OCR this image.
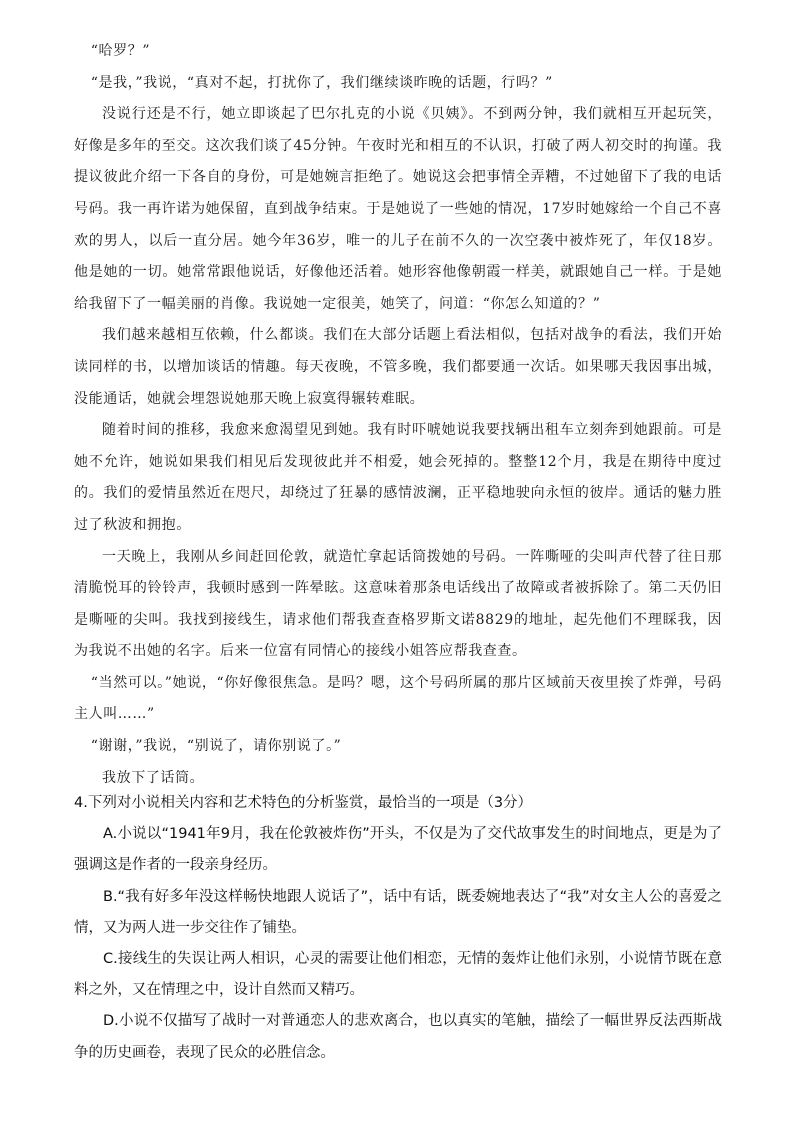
“哈罗？”

“是我，”我说，“真对不起，打扰你了，我们继续谈昨晚的话题，行吗？”

没说行还是不行，她立即谈起了巴尔扎克的小说《贝姨》。不到两分钟，我们就相互开起玩笑，好像是多年的至交。这次我们谈了45分钟。午夜时光和相互的不认识，打破了两人初交时的拘谨。我提议彼此介绍一下各自的身份，可是她婉言拒绝了。她说这会把事情全弄糟，不过她留下了我的电话号码。我一再许诺为她保留，直到战争结束。于是她说了一些她的情况，17岁时她嫁给一个自己不喜欢的男人，以后一直分居。她今年36岁，唯一的儿子在前不久的一次空袭中被炸死了，年仅18岁。他是她的一切。她常常跟他说话，好像他还活着。她形容他像朝霞一样美，就跟她自己一样。于是她给我留下了一幅美丽的肖像。我说她一定很美，她笑了，问道：“你怎么知道的？”

我们越来越相互依赖，什么都谈。我们在大部分话题上看法相似，包括对战争的看法，我们开始读同样的书，以增加谈话的情趣。每天夜晚，不管多晚，我们都要通一次话。如果哪天我因事出城，没能通话，她就会埋怨说她那天晚上寂寞得辗转难眠。

随着时间的推移，我愈来愈渴望见到她。我有时吓唬她说我要找辆出租车立刻奔到她跟前。可是她不允许，她说如果我们相见后发现彼此并不相爱，她会死掉的。整整12个月，我是在期待中度过的。我们的爱情虽然近在咫尺，却绕过了狂暴的感情波澜，正平稳地驶向永恒的彼岸。通话的魅力胜过了秋波和拥抱。

一天晚上，我刚从乡间赶回伦敦，就造忙拿起话筒拨她的号码。一阵嘶哑的尖叫声代替了往日那清脆悦耳的铃铃声，我顿时感到一阵晕眩。这意味着那条电话线出了故障或者被拆除了。第二天仍旧是嘶哑的尖叫。我找到接线生，请求他们帮我查查格罗斯文诺8829的地址，起先他们不理睬我，因为我说不出她的名字。后来一位富有同情心的接线小姐答应帮我查查。

“当然可以。”她说，“你好像很焦急。是吗？嗯，这个号码所属的那片区域前天夜里挨了炸弹，号码主人叫……”

“谢谢，”我说，“别说了，请你别说了。”

我放下了话筒。

4.下列对小说相关内容和艺术特色的分析鉴赏，最恰当的一项是（3分）

A.小说以“1941年9月，我在伦敦被炸伤”开头，不仅是为了交代故事发生的时间地点，更是为了强调这是作者的一段亲身经历。

B.“我有好多年没这样畅快地跟人说话了”，话中有话，既委婉地表达了“我”对女主人公的喜爱之情，又为两人进一步交往作了铺垫。

C.接线生的失误让两人相识，心灵的需要让他们相恋，无情的轰炸让他们永别，小说情节既在意料之外，又在情理之中，设计自然而又精巧。

D.小说不仅描写了战时一对普通恋人的悲欢离合，也以真实的笔触，描绘了一幅世界反法西斯战争的历史画卷，表现了民众的必胜信念。
